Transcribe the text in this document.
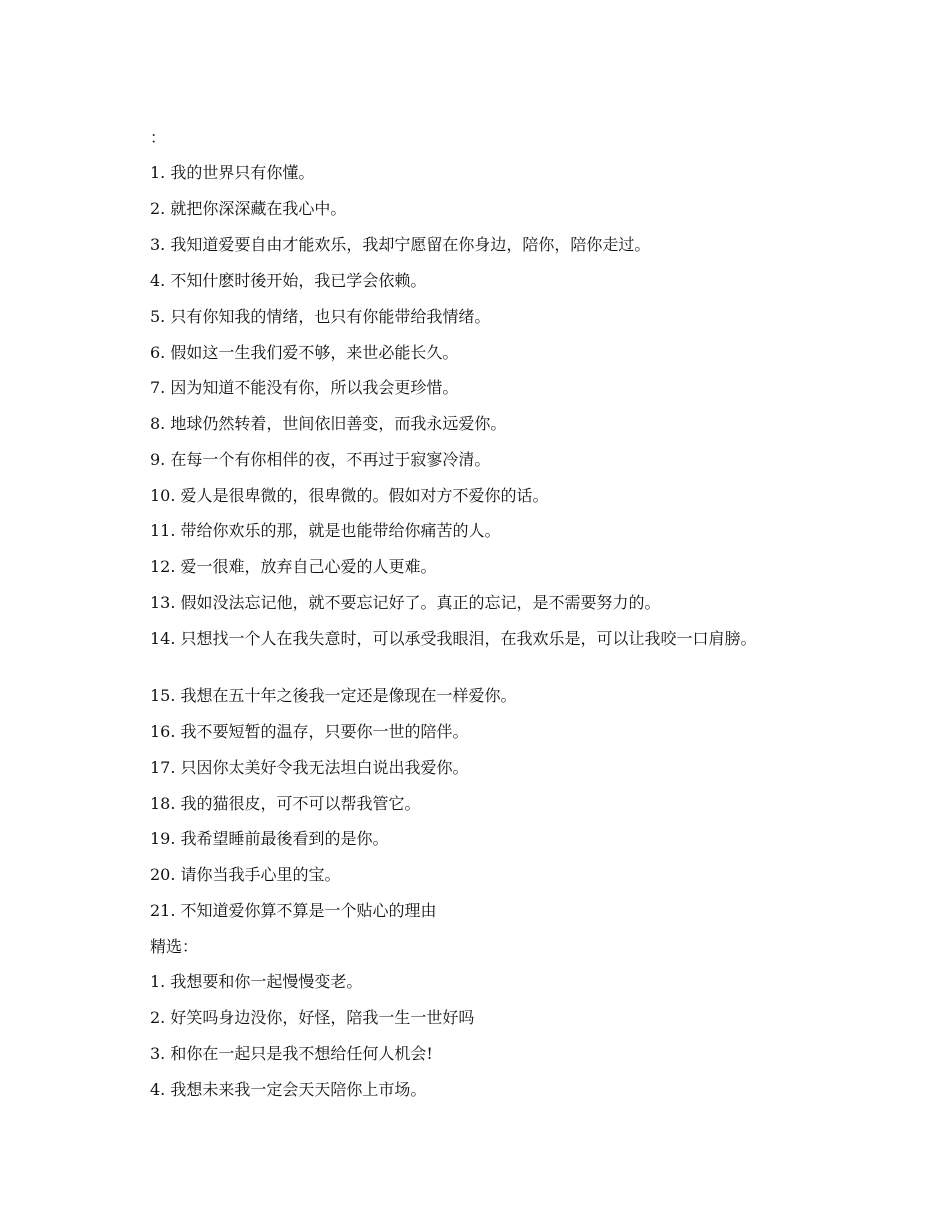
：

1. 我的世界只有你懂。

2. 就把你深深藏在我心中。

3. 我知道爱要自由才能欢乐，我却宁愿留在你身边，陪你，陪你走过。

4. 不知什麽时後开始，我已学会依赖。

5. 只有你知我的情绪，也只有你能带给我情绪。

6. 假如这一生我们爱不够，来世必能长久。

7. 因为知道不能没有你，所以我会更珍惜。

8. 地球仍然转着，世间依旧善变，而我永远爱你。

9. 在每一个有你相伴的夜，不再过于寂寥冷清。

10. 爱人是很卑微的，很卑微的。假如对方不爱你的话。

11. 带给你欢乐的那，就是也能带给你痛苦的人。

12. 爱一很难，放弃自己心爱的人更难。

13. 假如没法忘记他，就不要忘记好了。真正的忘记，是不需要努力的。

14. 只想找一个人在我失意时，可以承受我眼泪，在我欢乐是，可以让我咬一口肩膀。

15. 我想在五十年之後我一定还是像现在一样爱你。

16. 我不要短暂的温存，只要你一世的陪伴。

17. 只因你太美好令我无法坦白说出我爱你。

18. 我的猫很皮，可不可以帮我管它。

19. 我希望睡前最後看到的是你。

20. 请你当我手心里的宝。

21. 不知道爱你算不算是一个贴心的理由

精选：

1. 我想要和你一起慢慢变老。

2. 好笑吗身边没你，好怪，陪我一生一世好吗

3. 和你在一起只是我不想给任何人机会!

4. 我想未来我一定会天天陪你上市场。
